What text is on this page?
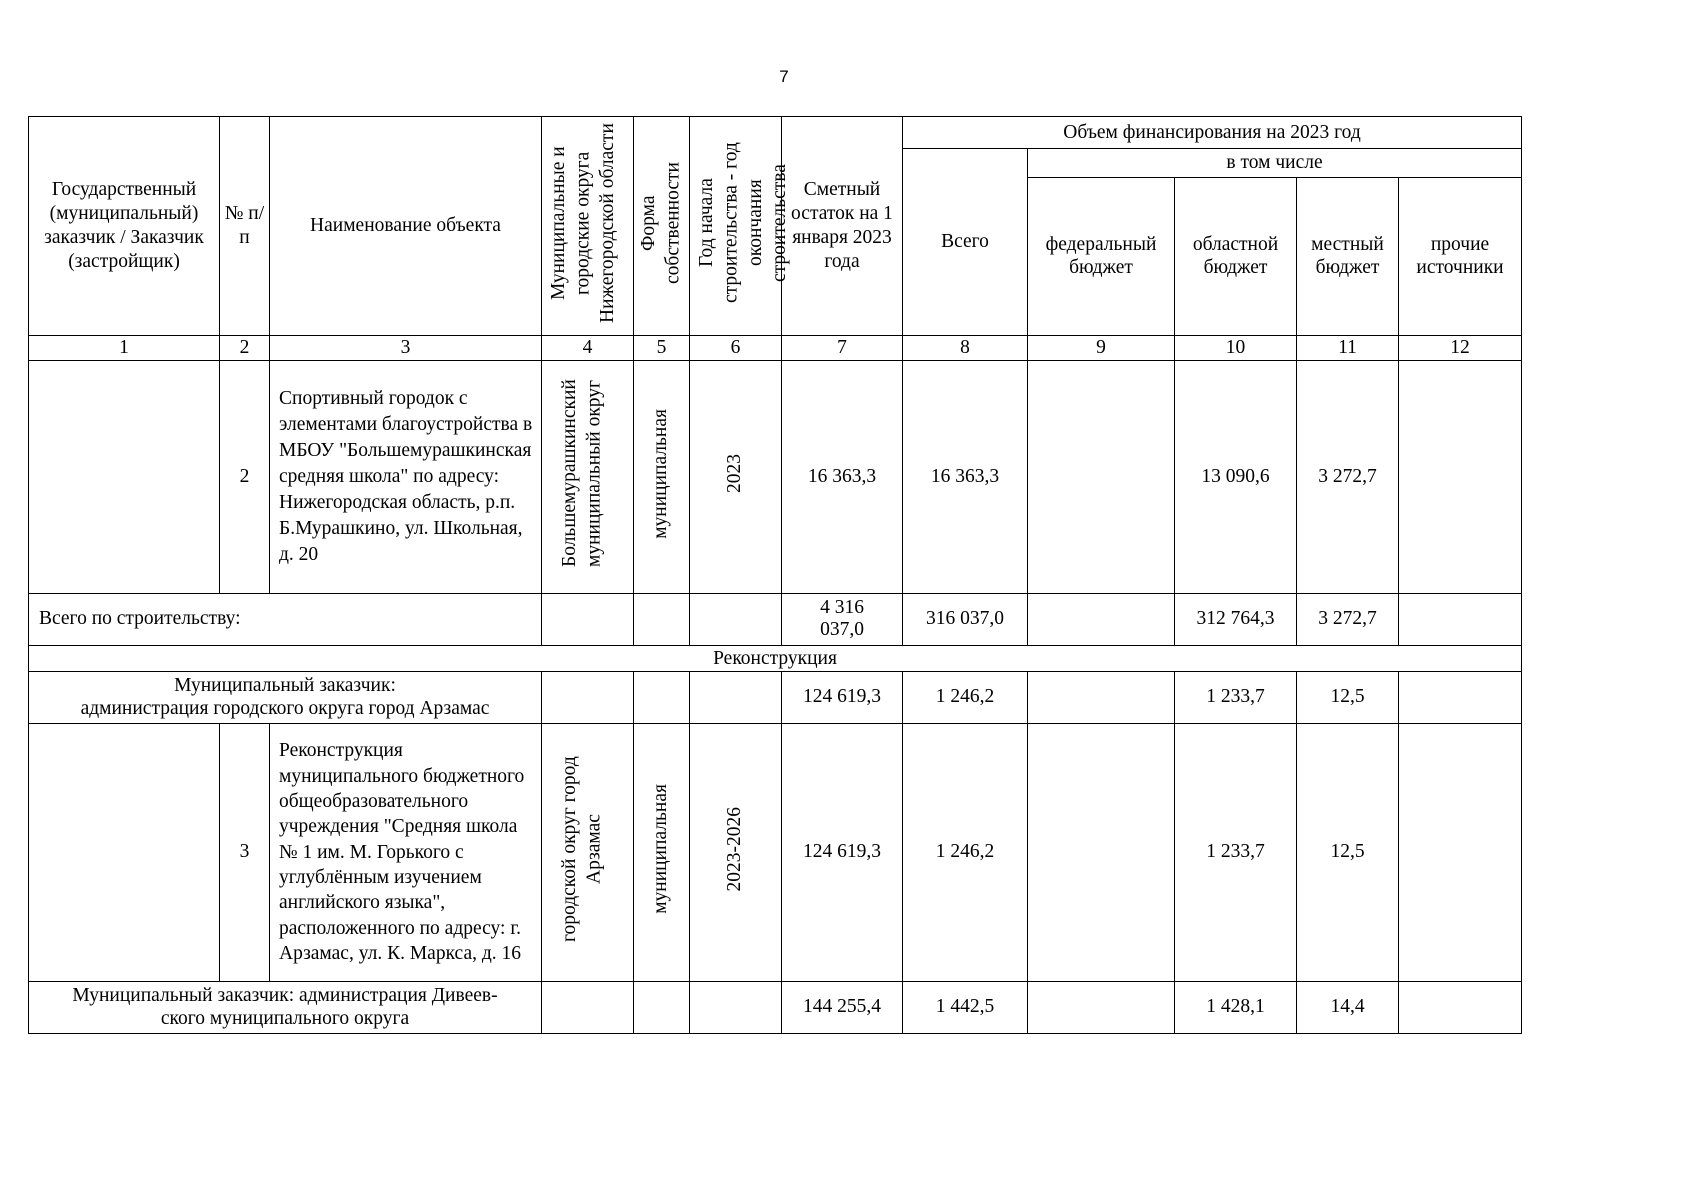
7
Государственный (муниципальный) заказчик / Заказчик (застройщик)	№ п/п	Наименование объекта	Муниципальные и городские округа Нижегородской области	Форма собственности	Год начала строительства - год окончания строительства	Сметный остаток на 1 января 2023 года	Объем финансирования на 2023 год				
							Всего	в том числе			
								федеральный бюджет	областной бюджет	местный бюджет	прочие источники
1	2	3	4	5	6	7	8	9	10	11	12
	2	Спортивный городок с элементами благоустройства в МБОУ "Большемурашкинская средняя школа" по адресу: Нижегородская область, р.п. Б.Мурашкино, ул. Школьная, д. 20	Большемурашкинский муниципальный округ	муниципальная	2023	16 363,3	16 363,3		13 090,6	3 272,7	
Всего по строительству:						4 316 037,0	316 037,0		312 764,3	3 272,7	
Реконструкция											
Муниципальный заказчик:
администрация городского округа город Арзамас						124 619,3	1 246,2		1 233,7	12,5	
	3	Реконструкция муниципального бюджетного общеобразовательного учреждения "Средняя школа № 1 им. М. Горького с углублённым изучением английского языка", расположенного по адресу: г. Арзамас, ул. К. Маркса, д. 16	городской округ город Арзамас	муниципальная	2023-2026	124 619,3	1 246,2		1 233,7	12,5	
Муниципальный заказчик: администрация Дивеев-
ского муниципального округа						144 255,4	1 442,5		1 428,1	14,4	
